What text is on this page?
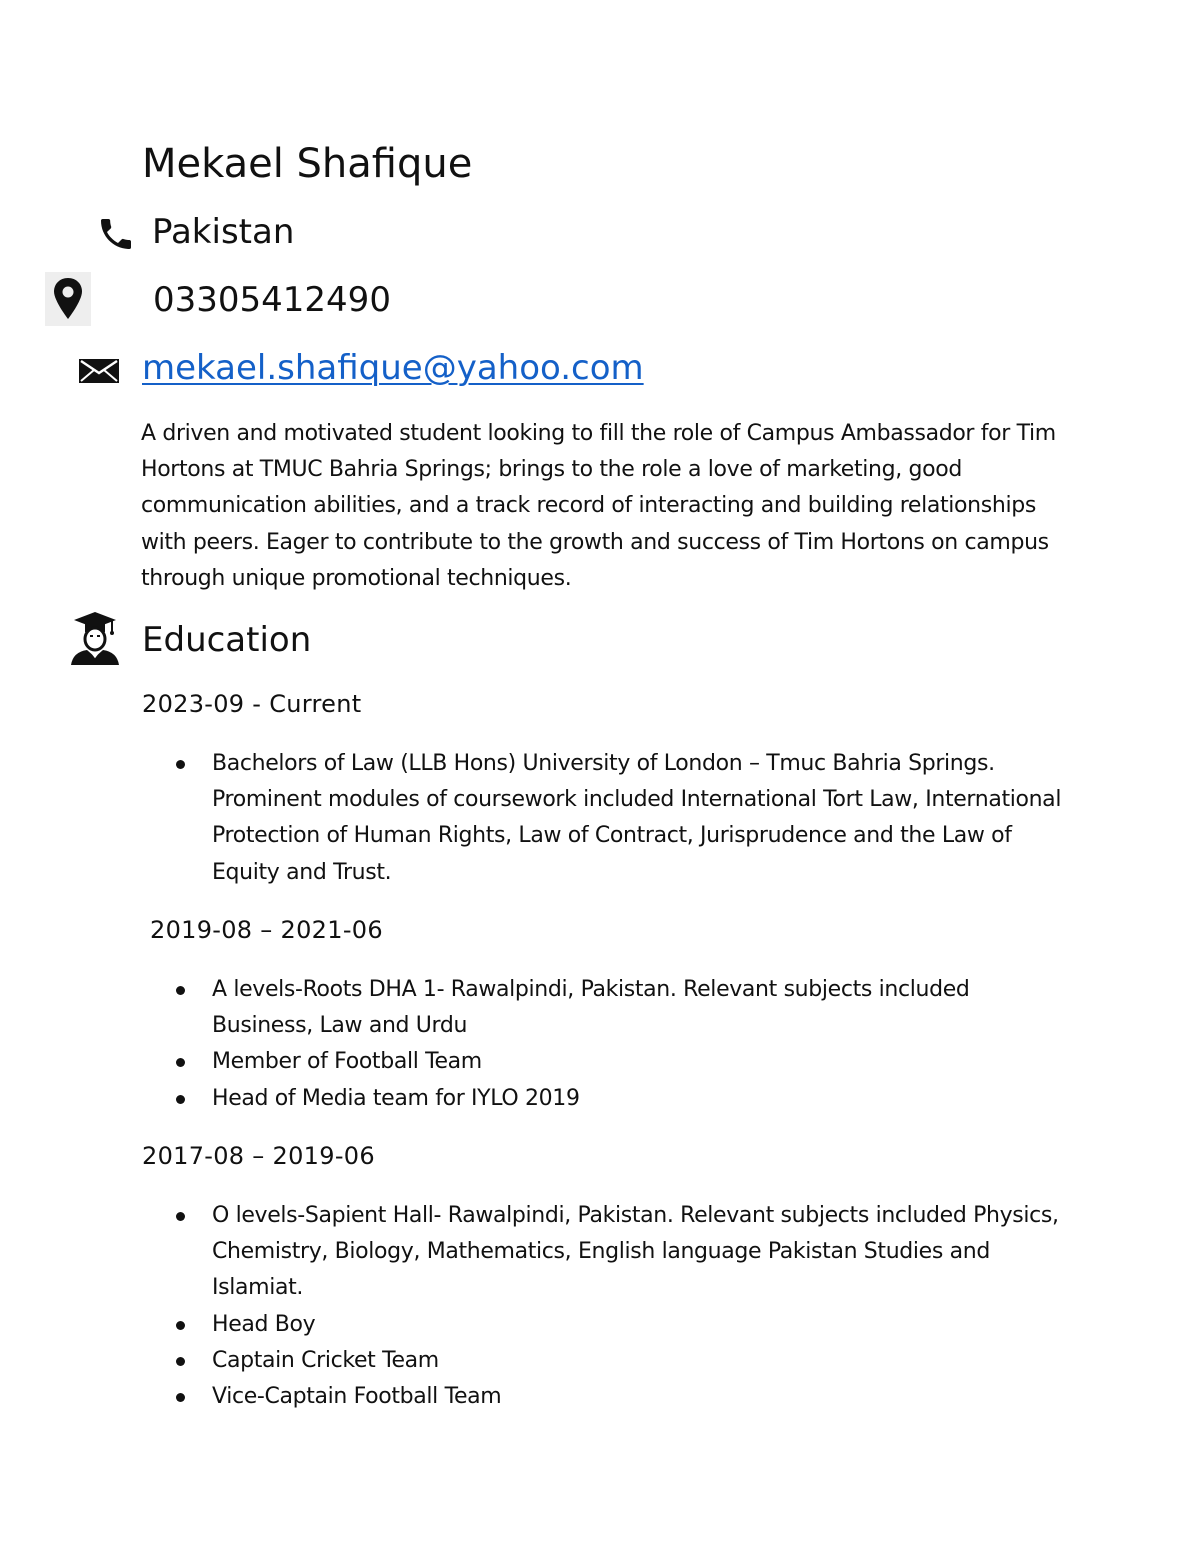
Mekael Shafique
Pakistan
03305412490
mekael.shafique@yahoo.com
A driven and motivated student looking to fill the role of Campus Ambassador for Tim Hortons at TMUC Bahria Springs; brings to the role a love of marketing, good communication abilities, and a track record of interacting and building relationships with peers. Eager to contribute to the growth and success of Tim Hortons on campus through unique promotional techniques.
Education
2023-09 - Current
Bachelors of Law (LLB Hons) University of London – Tmuc Bahria Springs. Prominent modules of coursework included International Tort Law, International Protection of Human Rights, Law of Contract, Jurisprudence and the Law of Equity and Trust.
2019-08 – 2021-06
A levels-Roots DHA 1- Rawalpindi, Pakistan. Relevant subjects included Business, Law and Urdu
Member of Football Team
Head of Media team for IYLO 2019
2017-08 – 2019-06
O levels-Sapient Hall- Rawalpindi, Pakistan. Relevant subjects included Physics, Chemistry, Biology, Mathematics, English language Pakistan Studies and Islamiat.
Head Boy
Captain Cricket Team
Vice-Captain Football Team
